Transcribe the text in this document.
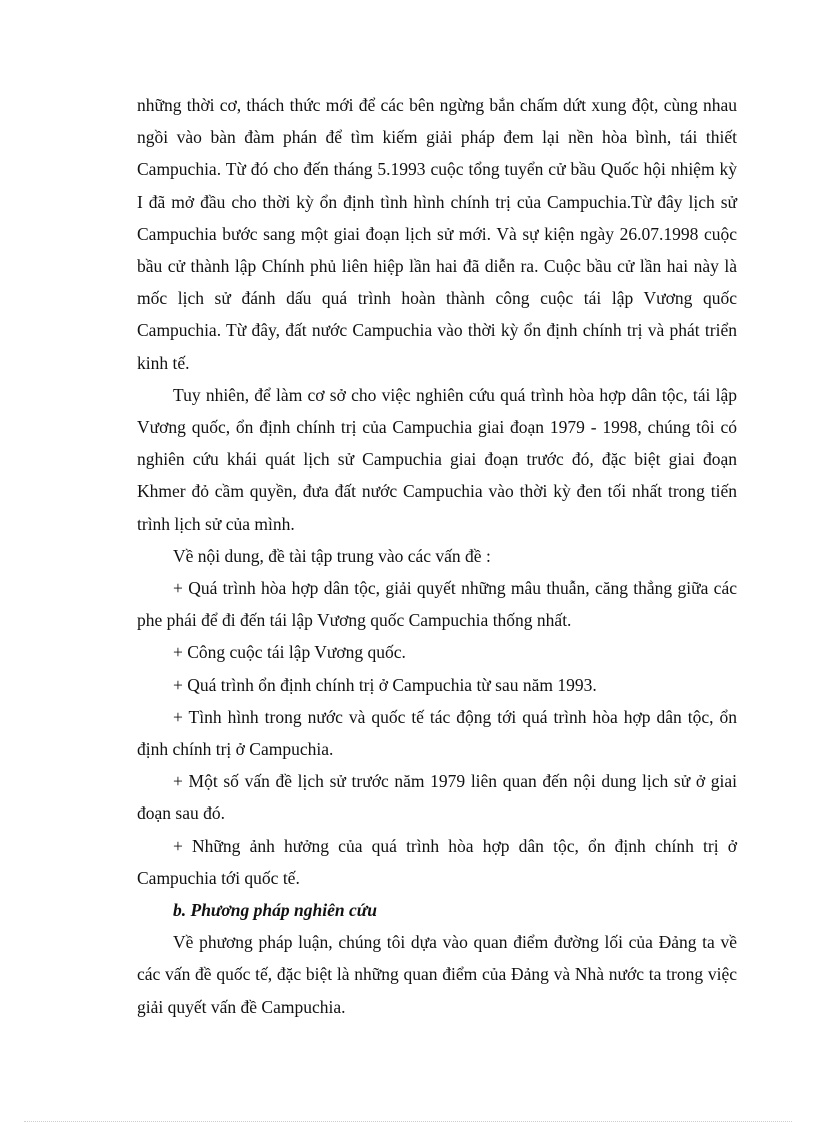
những thời cơ, thách thức mới để các bên ngừng bắn chấm dứt xung đột, cùng nhau ngồi vào bàn đàm phán để tìm kiếm giải pháp đem lại nền hòa bình, tái thiết Campuchia. Từ đó cho đến tháng 5.1993 cuộc tổng tuyển cử bầu Quốc hội nhiệm kỳ I đã mở đầu cho thời kỳ ổn định tình hình chính trị của Campuchia.Từ đây lịch sử Campuchia bước sang một giai đoạn lịch sử mới. Và sự kiện ngày 26.07.1998 cuộc bầu cử thành lập Chính phủ liên hiệp lần hai đã diễn ra. Cuộc bầu cử lần hai này là mốc lịch sử đánh dấu quá trình hoàn thành công cuộc tái lập Vương quốc Campuchia. Từ đây, đất nước Campuchia vào thời kỳ ổn định chính trị và phát triển kinh tế.

Tuy nhiên, để làm cơ sở cho việc nghiên cứu quá trình hòa hợp dân tộc, tái lập Vương quốc, ổn định chính trị của Campuchia giai đoạn 1979 - 1998, chúng tôi có nghiên cứu khái quát lịch sử Campuchia giai đoạn trước đó, đặc biệt giai đoạn Khmer đỏ cầm quyền, đưa đất nước Campuchia vào thời kỳ đen tối nhất trong tiến trình lịch sử của mình.

Về nội dung, đề tài tập trung vào các vấn đề :

+ Quá trình hòa hợp dân tộc, giải quyết những mâu thuẫn, căng thẳng giữa các phe phái để đi đến tái lập Vương quốc Campuchia thống nhất.

+ Công cuộc tái lập Vương quốc.

+ Quá trình ổn định chính trị ở Campuchia từ sau năm 1993.

+ Tình hình trong nước và quốc tế tác động tới quá trình hòa hợp dân tộc, ổn định chính trị ở Campuchia.

+ Một số vấn đề lịch sử trước năm 1979 liên quan đến nội dung lịch sử ở giai đoạn sau đó.

+ Những ảnh hưởng của quá trình hòa hợp dân tộc, ổn định chính trị ở Campuchia tới quốc tế.

b. Phương pháp nghiên cứu

Về phương pháp luận, chúng tôi dựa vào quan điểm đường lối của Đảng ta về các vấn đề quốc tế, đặc biệt là những quan điểm của Đảng và Nhà nước ta trong việc giải quyết vấn đề Campuchia.
